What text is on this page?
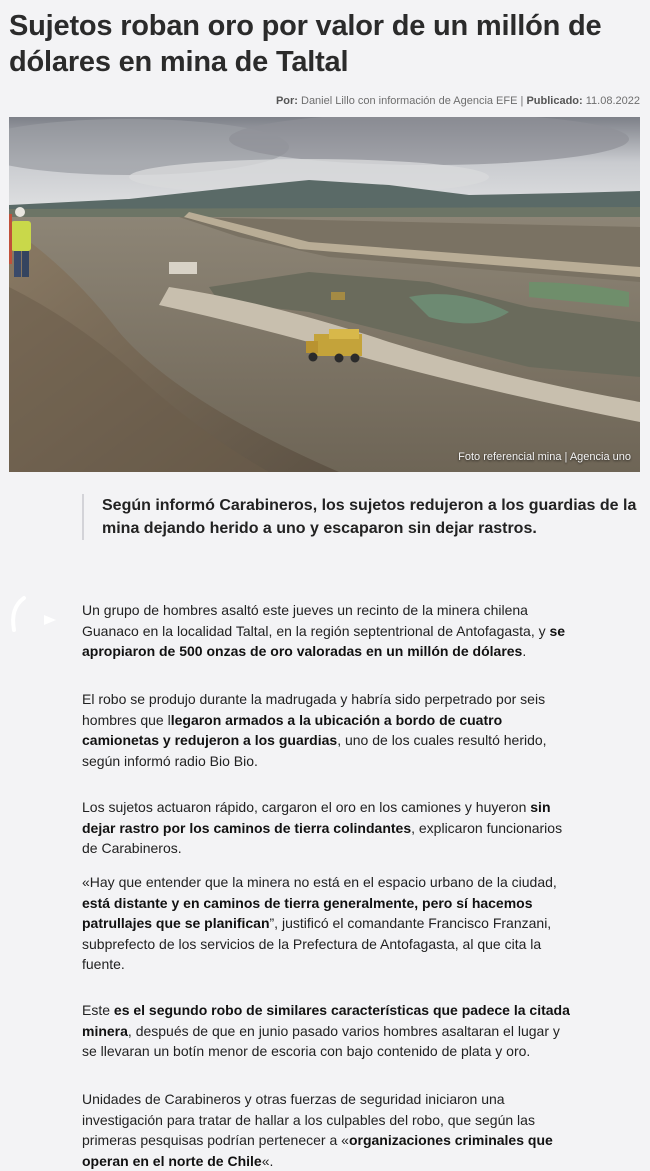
Sujetos roban oro por valor de un millón de dólares en mina de Taltal
Por: Daniel Lillo con información de Agencia EFE | Publicado: 11.08.2022
Foto referencial mina | Agencia uno

Según informó Carabineros, los sujetos redujeron a los guardias de la mina dejando herido a uno y escaparon sin dejar rastros.

Un grupo de hombres asaltó este jueves un recinto de la minera chilena Guanaco en la localidad Taltal, en la región septentrional de Antofagasta, y se apropiaron de 500 onzas de oro valoradas en un millón de dólares.

El robo se produjo durante la madrugada y habría sido perpetrado por seis hombres que llegaron armados a la ubicación a bordo de cuatro camionetas y redujeron a los guardias, uno de los cuales resultó herido, según informó radio Bio Bio.

Los sujetos actuaron rápido, cargaron el oro en los camiones y huyeron sin dejar rastro por los caminos de tierra colindantes, explicaron funcionarios de Carabineros.

«Hay que entender que la minera no está en el espacio urbano de la ciudad, está distante y en caminos de tierra generalmente, pero sí hacemos patrullajes que se planifican”, justificó el comandante Francisco Franzani, subprefecto de los servicios de la Prefectura de Antofagasta, al que cita la fuente.

Este es el segundo robo de similares características que padece la citada minera, después de que en junio pasado varios hombres asaltaran el lugar y se llevaran un botín menor de escoria con bajo contenido de plata y oro.

Unidades de Carabineros y otras fuerzas de seguridad iniciaron una investigación para tratar de hallar a los culpables del robo, que según las primeras pesquisas podrían pertenecer a «organizaciones criminales que operan en el norte de Chile«.
